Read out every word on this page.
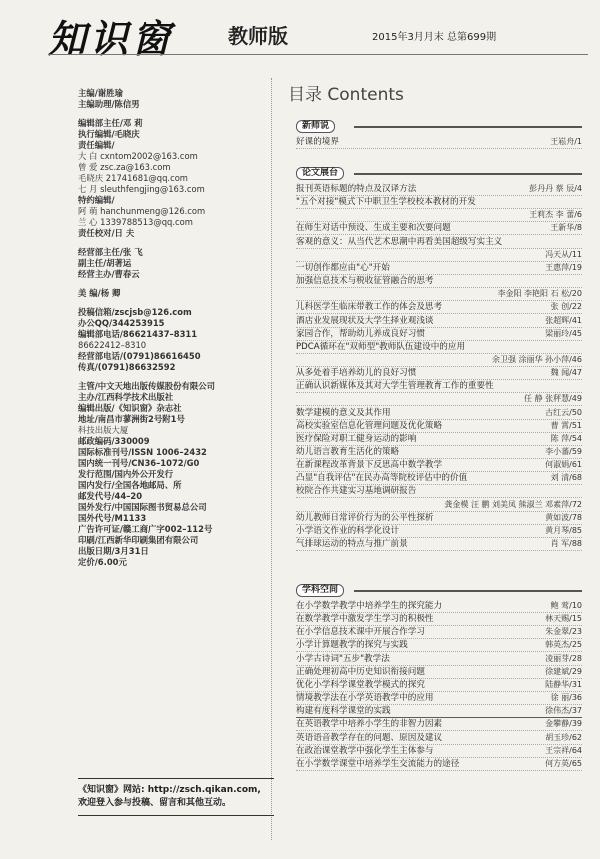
知识窗	教师版	2015年3月月末 总第699期
主编/谢胜瑜
主编助理/陈信男
编辑部主任/邓 莉
执行编辑/毛晓庆
责任编辑/
大 白 cxntom2002@163.com
曾 爱 zsc.za@163.com
毛晓庆 21741681@qq.com
七 月 sleuthfengjing@163.com
特约编辑/
阿 萌 hanchunmeng@126.com
兰 心 1339788513@qq.com
责任校对/日 夫
经营部主任/张 飞
副主任/胡著运
经营主办/曹春云
美 编/杨 卿
投稿信箱/zscjsb@126.com
办公QQ/344253915
编辑部电话/86621437–8311
86622412–8310
经营部电话/(0791)86616450
传真/(0791)86632592
主管/中文天地出版传媒股份有限公司
主办/江西科学技术出版社
编辑出版/《知识窗》杂志社
地址/南昌市蓼洲街2号附1号
科技出版大厦
邮政编码/330009
国际标准刊号/ISSN 1006–2432
国内统一刊号/CN36–1072/G0
发行范围/国内外公开发行
国内发行/全国各地邮局、所
邮发代号/44–20
国外发行/中国国际图书贸易总公司
国外代号/M1133
广告许可证/赣工商广字002–112号
印刷/江西新华印刷集团有限公司
出版日期/3月31日
定价/6.00元
《知识窗》网站: http://zsch.qikan.com,
欢迎登入参与投稿、留言和其他互动。
目录 Contents
新师说
好课的境界	王崧舟/1
论文展台
报刊英语标题的特点及汉译方法	彭丹丹 蔡 辰/4
"五个对接"模式下中职卫生学校校本教材的开发
王莉杰 李 蕾/6
在师生对话中预设、生成主要和次要问题	王新华/8
客观的意义：从当代艺术思潮中再看美国超级写实主义
冯天从/11
一切创作都应由"心"开始	王惠萍/19
加强信息技术与税收征管融合的思考
李金阳 李艳阳 石 松/20
儿科医学生临床带教工作的体会及思考	张 创/22
酒店业发展现状及大学生择业观浅谈	张超辉/41
家园合作，帮助幼儿养成良好习惯	梁丽玲/45
PDCA循环在"双师型"教师队伍建设中的应用
余卫强 涂丽华 孙小萍/46
从多处着手培养幼儿的良好习惯	魏 闻/47
正确认识新媒体及其对大学生管理教育工作的重要性
任 静 张秤慧/49
数学建模的意义及其作用	古红云/50
高校实验室信息化管理问题及优化策略	曹 霄/51
医疗保险对职工健身运动的影响	陈 萍/54
幼儿语言教育生活化的策略	李小蕃/59
在新课程改革背景下反思高中数学教学	何淑娟/61
凸显"自我评估"在民办高等院校评估中的价值	刘 清/68
校院合作共建实习基地调研报告
龚金模 汪 鹏 刘美凤 熊淑兰 邓素萍/72
幼儿教师日常评价行为的公平性探析	黄如波/78
小学语文作业的科学化设计	黄月琴/85
气排球运动的特点与推广前景	肖 军/88
学科空间
在小学数学教学中培养学生的探究能力	鲍 莺/10
在数学教学中激发学生学习的积极性	林天赐/15
在小学信息技术课中开展合作学习	朱金翠/23
小学计算题教学的探究与实践	韩英杰/25
小学古诗词"五步"教学法	凌丽芽/28
正确处理初高中历史知识衔接问题	徐建斌/29
优化小学科学课堂教学模式的探究	陆静华/31
情境教学法在小学英语教学中的应用	徐 丽/36
构建有度科学课堂的实践	徐伟杰/37
在英语教学中培养小学生的非智力因素	金攀静/39
英语语音教学存在的问题、原因及建议	胡玉珍/62
在政治课堂教学中强化学生主体参与	王宗祥/64
在小学数学课堂中培养学生交流能力的途径	何方英/65
